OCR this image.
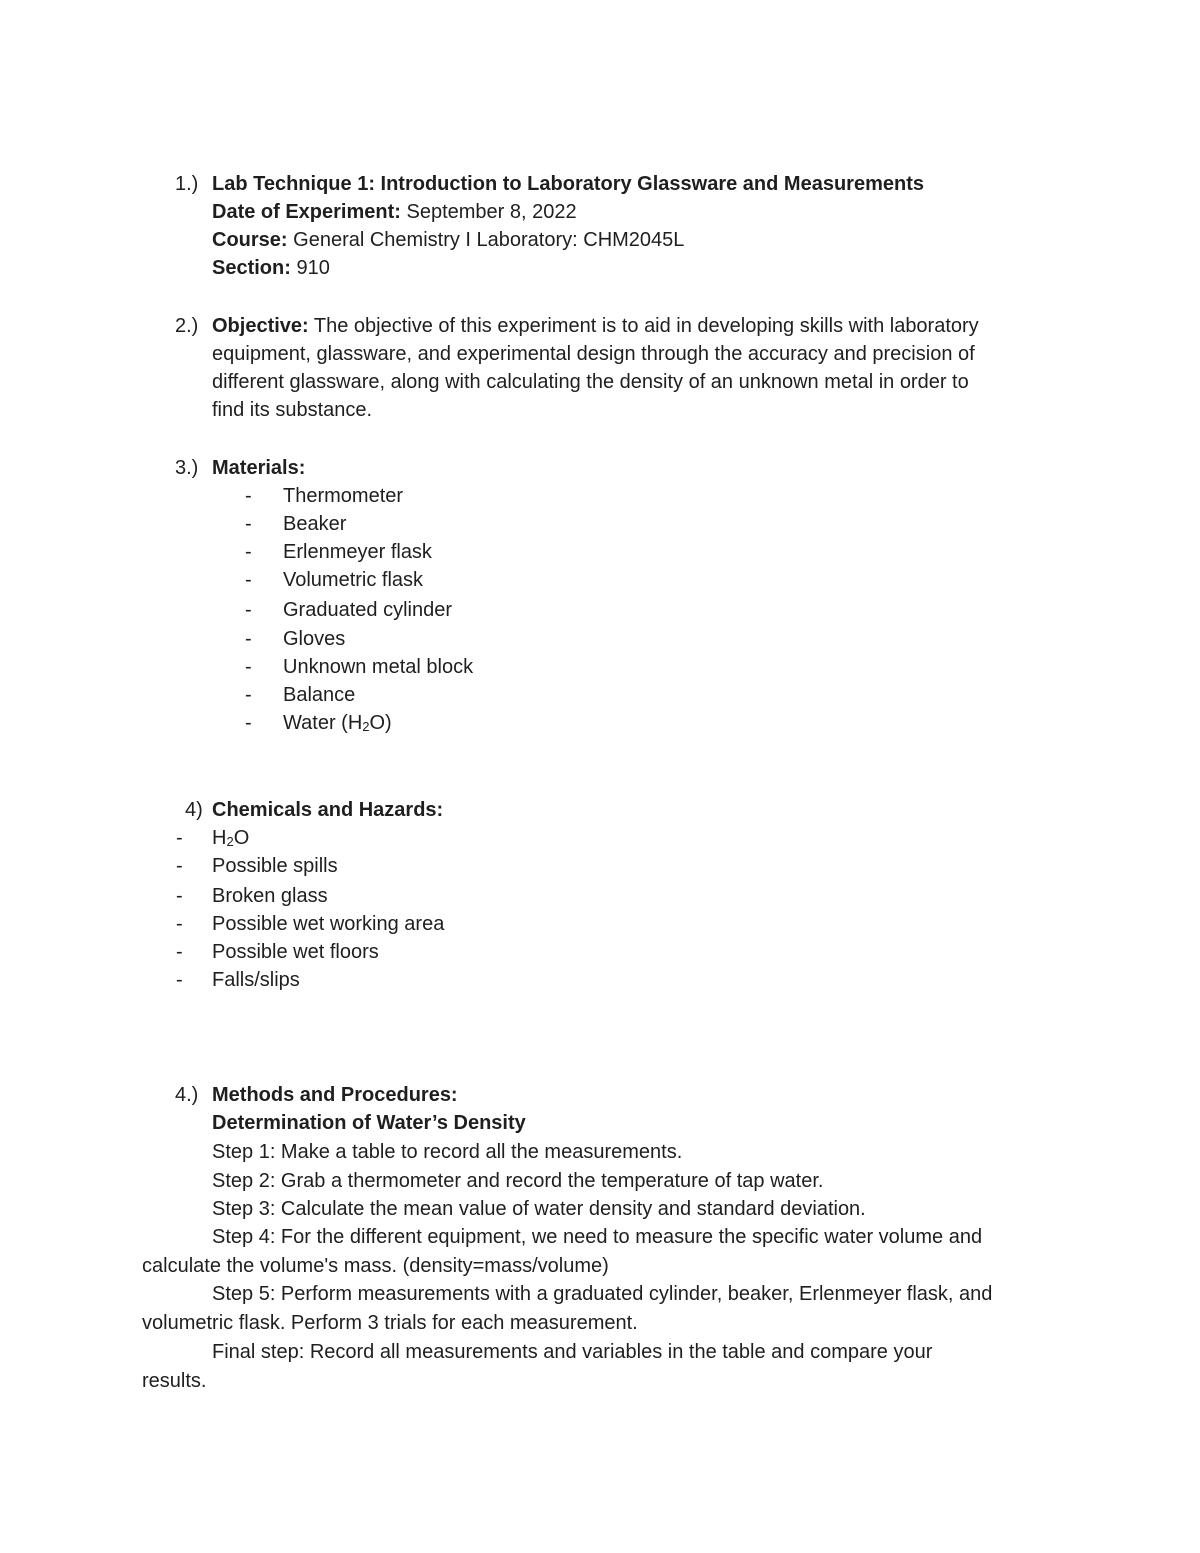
1.) Lab Technique 1: Introduction to Laboratory Glassware and Measurements
Date of Experiment: September 8, 2022
Course: General Chemistry I Laboratory: CHM2045L
Section: 910
2.) Objective: The objective of this experiment is to aid in developing skills with laboratory
equipment, glassware, and experimental design through the accuracy and precision of
different glassware, along with calculating the density of an unknown metal in order to
find its substance.
3.) Materials:
- Thermometer
- Beaker
- Erlenmeyer flask
- Volumetric flask
- Graduated cylinder
- Gloves
- Unknown metal block
- Balance
- Water (H2O)
4) Chemicals and Hazards:
- H2O
- Possible spills
- Broken glass
- Possible wet working area
- Possible wet floors
- Falls/slips
4.) Methods and Procedures:
Determination of Water’s Density
Step 1: Make a table to record all the measurements.
Step 2: Grab a thermometer and record the temperature of tap water.
Step 3: Calculate the mean value of water density and standard deviation.
Step 4: For the different equipment, we need to measure the specific water volume and
calculate the volume's mass. (density=mass/volume)
Step 5: Perform measurements with a graduated cylinder, beaker, Erlenmeyer flask, and
volumetric flask. Perform 3 trials for each measurement.
Final step: Record all measurements and variables in the table and compare your
results.
